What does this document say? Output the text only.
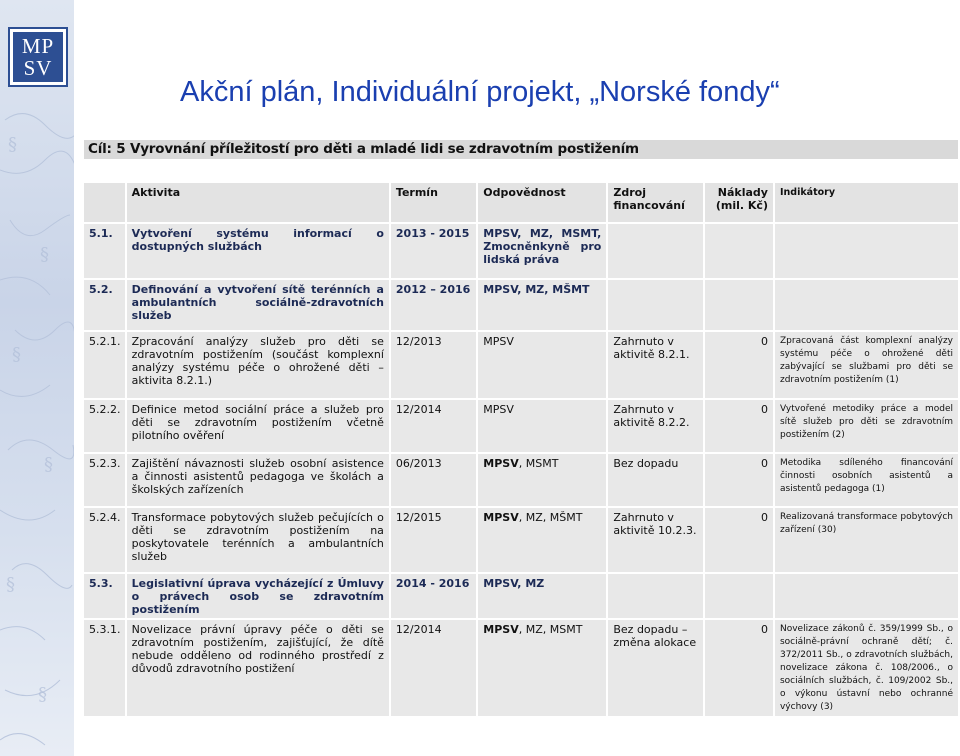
§
§
§
§
§
§
MP
SV
Akční plán, Individuální projekt, „Norské fondy“
Cíl: 5 Vyrovnání příležitostí pro děti a mladé lidi se zdravotním postižením
	Aktivita	Termín	Odpovědnost	Zdroj financování	Náklady (mil. Kč)	Indikátory
5.1.	Vytvoření systému informací o dostupných službách	2013 - 2015	MPSV, MZ, MSMT, Zmocněnkyně pro lidská práva			
5.2.	Definování a vytvoření sítě terénních a ambulantních sociálně-zdravotních služeb	2012 – 2016	MPSV, MZ, MŠMT			
5.2.1.	Zpracování analýzy služeb pro děti se zdravotním postižením (součást komplexní analýzy systému péče o ohrožené děti – aktivita 8.2.1.)	12/2013	MPSV	Zahrnuto v aktivitě 8.2.1.	0	Zpracovaná část komplexní analýzy systému péče o ohrožené děti zabývající se službami pro děti se zdravotním postižením (1)
5.2.2.	Definice metod sociální práce a služeb pro děti se zdravotním postižením včetně pilotního ověření	12/2014	MPSV	Zahrnuto v aktivitě 8.2.2.	0	Vytvořené metodiky práce a model sítě služeb pro děti se zdravotním postižením (2)
5.2.3.	Zajištění návaznosti služeb osobní asistence a činnosti asistentů pedagoga ve školách a školských zařízeních	06/2013	MPSV, MSMT	Bez dopadu	0	Metodika sdíleného financování činnosti osobních asistentů a asistentů pedagoga (1)
5.2.4.	Transformace pobytových služeb pečujících o děti se zdravotním postižením na poskytovatele terénních a ambulantních služeb	12/2015	MPSV, MZ, MŠMT	Zahrnuto v aktivitě 10.2.3.	0	Realizovaná transformace pobytových zařízení (30)
5.3.	Legislativní úprava vycházející z Úmluvy o právech osob se zdravotním postižením	2014 - 2016	MPSV, MZ			
5.3.1.	Novelizace právní úpravy péče o děti se zdravotním postižením, zajišťující, že dítě nebude odděleno od rodinného prostředí z důvodů zdravotního postižení	12/2014	MPSV, MZ, MSMT	Bez dopadu – změna alokace	0	Novelizace zákonů č. 359/1999 Sb., o sociálně-právní ochraně dětí; č. 372/2011 Sb., o zdravotních službách, novelizace zákona č. 108/2006., o sociálních službách, č. 109/2002 Sb., o výkonu ústavní nebo ochranné výchovy (3)
